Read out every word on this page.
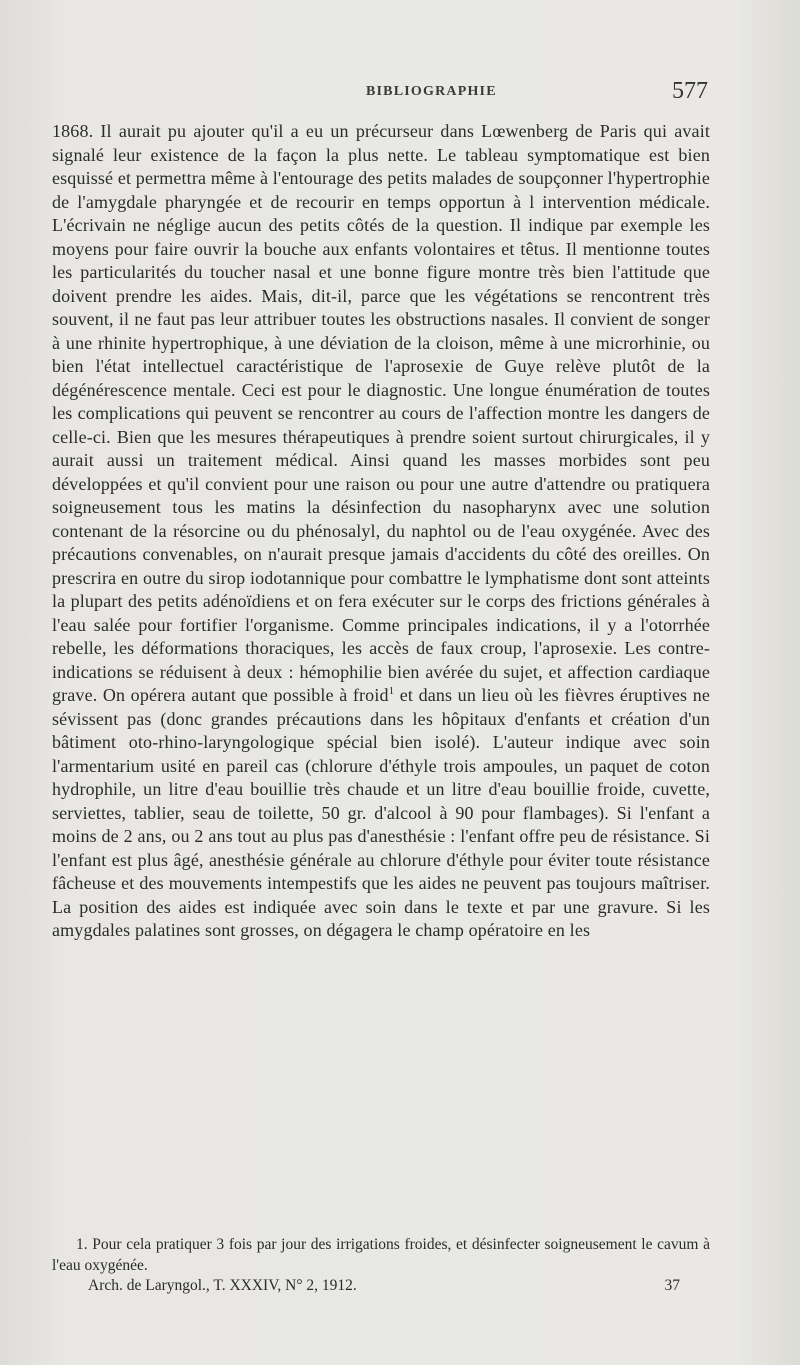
BIBLIOGRAPHIE	577

1868. Il aurait pu ajouter qu'il a eu un précurseur dans Lœwenberg de Paris qui avait signalé leur existence de la façon la plus nette. Le tableau symptomatique est bien esquissé et permettra même à l'entourage des petits malades de soupçonner l'hypertrophie de l'amygdale pharyngée et de recourir en temps opportun à l intervention médicale. L'écrivain ne néglige aucun des petits côtés de la question. Il indique par exemple les moyens pour faire ouvrir la bouche aux enfants volontaires et têtus. Il mentionne toutes les particularités du toucher nasal et une bonne figure montre très bien l'attitude que doivent prendre les aides. Mais, dit-il, parce que les végétations se rencontrent très souvent, il ne faut pas leur attribuer toutes les obstructions nasales. Il convient de songer à une rhinite hypertrophique, à une déviation de la cloison, même à une microrhinie, ou bien l'état intellectuel caractéristique de l'aprosexie de Guye relève plutôt de la dégénérescence mentale. Ceci est pour le diagnostic. Une longue énumération de toutes les complications qui peuvent se rencontrer au cours de l'affection montre les dangers de celle-ci. Bien que les mesures thérapeutiques à prendre soient surtout chirurgicales, il y aurait aussi un traitement médical. Ainsi quand les masses morbides sont peu développées et qu'il convient pour une raison ou pour une autre d'attendre ou pratiquera soigneusement tous les matins la désinfection du nasopharynx avec une solution contenant de la résorcine ou du phénosalyl, du naphtol ou de l'eau oxygénée. Avec des précautions convenables, on n'aurait presque jamais d'accidents du côté des oreilles. On prescrira en outre du sirop iodotannique pour combattre le lymphatisme dont sont atteints la plupart des petits adénoïdiens et on fera exécuter sur le corps des frictions générales à l'eau salée pour fortifier l'organisme. Comme principales indications, il y a l'otorrhée rebelle, les déformations thoraciques, les accès de faux croup, l'aprosexie. Les contre-indications se réduisent à deux : hémophilie bien avérée du sujet, et affection cardiaque grave. On opérera autant que possible à froid$^1$ et dans un lieu où les fièvres éruptives ne sévissent pas (donc grandes précautions dans les hôpitaux d'enfants et création d'un bâtiment oto-rhino-laryngologique spécial bien isolé). L'auteur indique avec soin l'armentarium usité en pareil cas (chlorure d'éthyle trois ampoules, un paquet de coton hydrophile, un litre d'eau bouillie très chaude et un litre d'eau bouillie froide, cuvette, serviettes, tablier, seau de toilette, 50 gr. d'alcool à 90 pour flambages). Si l'enfant a moins de 2 ans, ou 2 ans tout au plus pas d'anesthésie : l'enfant offre peu de résistance. Si l'enfant est plus âgé, anesthésie générale au chlorure d'éthyle pour éviter toute résistance fâcheuse et des mouvements intempestifs que les aides ne peuvent pas toujours maîtriser. La position des aides est indiquée avec soin dans le texte et par une gravure. Si les amygdales palatines sont grosses, on dégagera le champ opératoire en les

1. Pour cela pratiquer 3 fois par jour des irrigations froides, et désinfecter soigneusement le cavum à l'eau oxygénée.

Arch. de Laryngol., T. XXXIV, N° 2, 1912.	37
